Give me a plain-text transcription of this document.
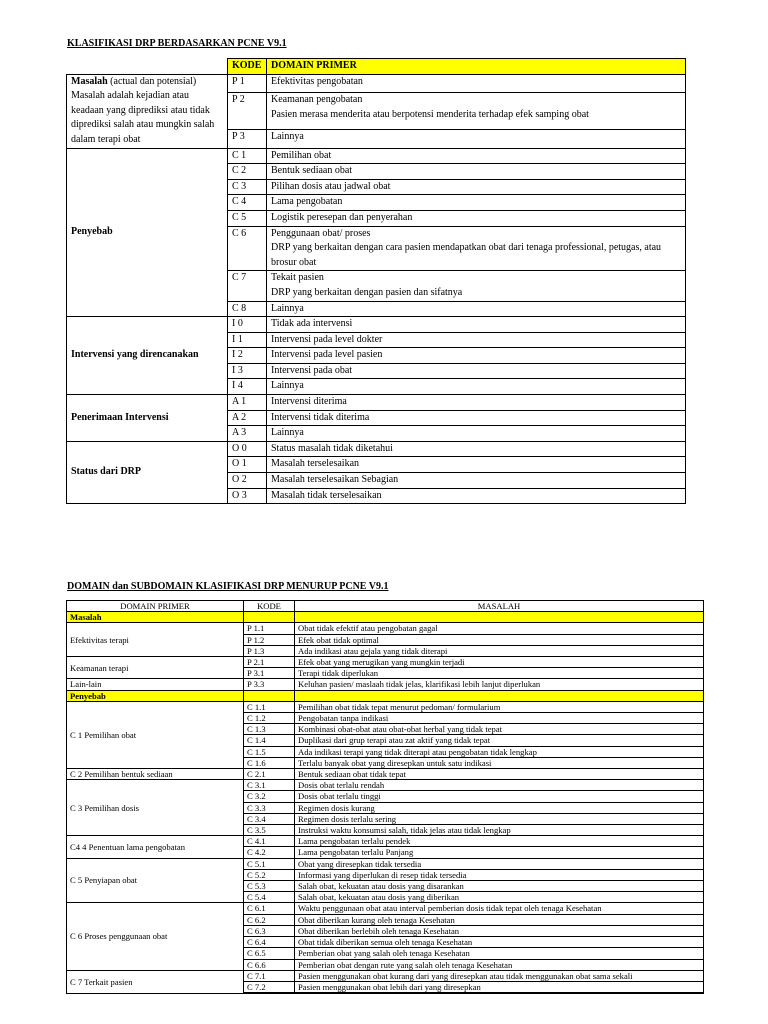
KLASIFIKASI DRP BERDASARKAN PCNE V9.1
	KODE	DOMAIN PRIMER
Masalah (actual dan potensial)
Masalah adalah kejadian atau keadaan yang diprediksi atau tidak diprediksi salah atau mungkin salah dalam terapi obat	P 1	Efektivitas pengobatan

	P 2	Keamanan pengobatan
Pasien merasa menderita atau berpotensi menderita terhadap efek samping obat

	P 3	Lainnya

Penyebab	C 1	Pemilihan obat

	C 2	Bentuk sediaan obat

	C 3	Pilihan dosis atau jadwal obat

	C 4	Lama pengobatan

	C 5	Logistik peresepan dan penyerahan

	C 6	Penggunaan obat/ proses
DRP yang berkaitan dengan cara pasien mendapatkan obat dari tenaga professional, petugas, atau brosur obat

	C 7	Tekait pasien
DRP yang berkaitan dengan pasien dan sifatnya

	C 8	Lainnya

Intervensi yang direncanakan	I 0	Tidak ada intervensi

	I 1	Intervensi pada level dokter

	I 2	Intervensi pada level pasien

	I 3	Intervensi pada obat

	I 4	Lainnya

Penerimaan Intervensi	A 1	Intervensi diterima

	A 2	Intervensi tidak diterima

	A 3	Lainnya

Status dari DRP	O 0	Status masalah tidak diketahui

	O 1	Masalah terselesaikan

	O 2	Masalah terselesaikan Sebagian

	O 3	Masalah tidak terselesaikan
DOMAIN dan SUBDOMAIN KLASIFIKASI DRP MENURUP PCNE V9.1
DOMAIN PRIMER	KODE	MASALAH
Masalah		
Efektivitas terapi	P 1.1	Obat tidak efektif atau pengobatan gagal
	P 1.2	Efek obat tidak optimal
	P 1.3	Ada indikasi atau gejala yang tidak diterapi
Keamanan terapi	P 2.1	Efek obat yang merugikan yang mungkin terjadi
	P 3.1	Terapi tidak diperlukan
Lain-lain	P 3.3	Keluhan pasien/ maslaah tidak jelas, klarifikasi lebih lanjut diperlukan
Penyebab		
C 1 Pemilihan obat	C 1.1	Pemilihan obat tidak tepat menurut pedoman/ formularium
	C 1.2	Pengobatan tanpa indikasi
	C 1.3	Kombinasi obat-obat atau obat-obat herbal yang tidak tepat
	C 1.4	Duplikasi dari grup terapi atau zat aktif yang tidak tepat
	C 1.5	Ada indikasi terapi yang tidak diterapi atau pengobatan tidak lengkap
	C 1.6	Terlalu banyak obat yang diresepkan untuk satu indikasi
C 2 Pemilihan bentuk sediaan	C 2.1	Bentuk sediaan obat tidak tepat
C 3 Pemilihan dosis	C 3.1	Dosis obat terlalu rendah
	C 3.2	Dosis obat terlalu tinggi
	C 3.3	Regimen dosis kurang
	C 3.4	Regimen dosis terlalu sering
	C 3.5	Instruksi waktu konsumsi salah, tidak jelas atau tidak lengkap
C4 4 Penentuan lama pengobatan	C 4.1	Lama pengobatan terlalu pendek
	C 4.2	Lama pengobatan terlalu Panjang
C 5 Penyiapan obat	C 5.1	Obat yang diresepkan tidak tersedia
	C 5.2	Informasi yang diperlukan di resep tidak tersedia
	C 5.3	Salah obat, kekuatan atau dosis yang disarankan
	C 5.4	Salah obat, kekuatan atau dosis yang diberikan
C 6 Proses penggunaan obat	C 6.1	Waktu penggunaan obat atau interval pemberian dosis tidak tepat oleh tenaga Kesehatan
	C 6.2	Obat diberikan kurang oleh tenaga Kesehatan
	C 6.3	Obat diberikan berlebih oleh tenaga Kesehatan
	C 6.4	Obat tidak diberikan semua oleh tenaga Kesehatan
	C 6.5	Pemberian obat yang salah oleh tenaga Kesehatan
	C 6.6	Pemberian obat dengan rute yang salah oleh tenaga Kesehatan
C 7 Terkait pasien	C 7.1	Pasien menggunakan obat kurang dari yang diresepkan atau tidak menggunakan obat sama sekali
	C 7.2	Pasien menggunakan obat lebih dari yang diresepkan
